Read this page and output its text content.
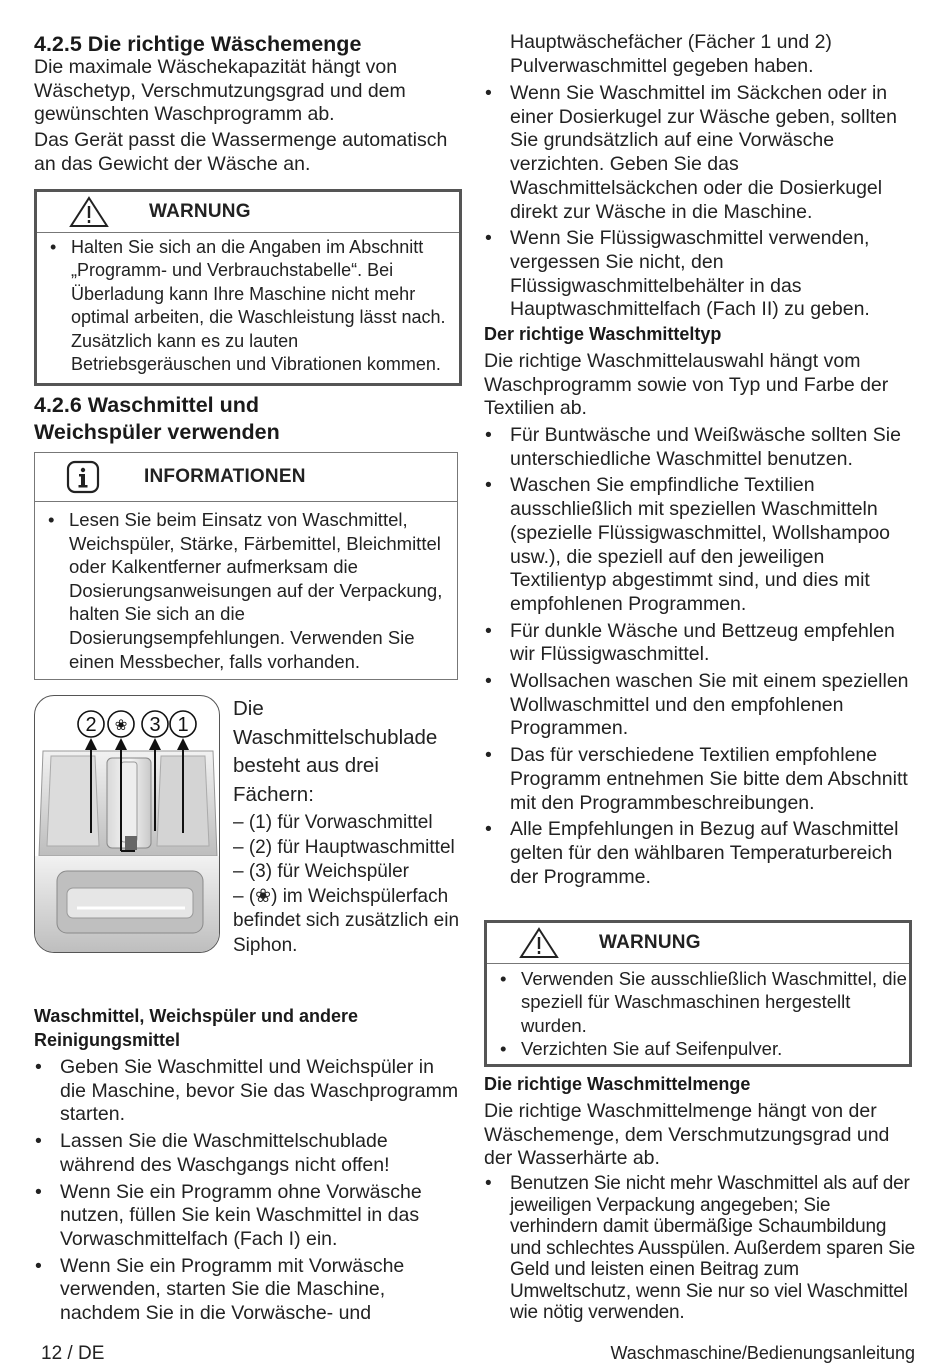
4.2.5 Die richtige Wäschemenge

Die maximale Wäschekapazität hängt von Wäschetyp, Verschmutzungsgrad und dem gewünschten Waschprogramm ab.

Das Gerät passt die Wassermenge automatisch an das Gewicht der Wäsche an.

WARNUNG
• Halten Sie sich an die Angaben im Abschnitt „Programm- und Verbrauchstabelle“. Bei Überladung kann Ihre Maschine nicht mehr optimal arbeiten, die Waschleistung lässt nach. Zusätzlich kann es zu lauten Betriebsgeräuschen und Vibrationen kommen.
4.2.6 Waschmittel und
Weichspüler verwenden
INFORMATIONEN
• Lesen Sie beim Einsatz von Waschmittel, Weichspüler, Stärke, Färbemittel, Bleichmittel oder Kalkentferner aufmerksam die Dosierungsanweisungen auf der Verpackung, halten Sie sich an die Dosierungsempfehlungen. Verwenden Sie einen Messbecher, falls vorhanden.
2 ❀ 3 1

Die Waschmittelschublade besteht aus drei Fächern:

– (1) für Vorwaschmittel

– (2) für Hauptwaschmittel

– (3) für Weichspüler

– (❀) im Weichspülerfach befindet sich zusätzlich ein Siphon.

Waschmittel, Weichspüler und andere Reinigungsmittel
• Geben Sie Waschmittel und Weichspüler in die Maschine, bevor Sie das Waschprogramm starten.
• Lassen Sie die Waschmittelschublade während des Waschgangs nicht offen!
• Wenn Sie ein Programm ohne Vorwäsche nutzen, füllen Sie kein Waschmittel in das Vorwaschmittelfach (Fach I) ein.
• Wenn Sie ein Programm mit Vorwäsche verwenden, starten Sie die Maschine, nachdem Sie in die Vorwäsche- und

Hauptwäschefächer (Fächer 1 und 2) Pulverwaschmittel gegeben haben.

• Wenn Sie Waschmittel im Säckchen oder in einer Dosierkugel zur Wäsche geben, sollten Sie grundsätzlich auf eine Vorwäsche verzichten. Geben Sie das Waschmittelsäckchen oder die Dosierkugel direkt zur Wäsche in die Maschine.
• Wenn Sie Flüssigwaschmittel verwenden, vergessen Sie nicht, den Flüssigwaschmittelbehälter in das Hauptwaschmittelfach (Fach II) zu geben.
Der richtige Waschmitteltyp

Die richtige Waschmittelauswahl hängt vom Waschprogramm sowie von Typ und Farbe der Textilien ab.

• Für Buntwäsche und Weißwäsche sollten Sie unterschiedliche Waschmittel benutzen.
• Waschen Sie empfindliche Textilien ausschließlich mit speziellen Waschmitteln (spezielle Flüssigwaschmittel, Wollshampoo usw.), die speziell auf den jeweiligen Textilientyp abgestimmt sind, und dies mit empfohlenen Programmen.
• Für dunkle Wäsche und Bettzeug empfehlen wir Flüssigwaschmittel.
• Wollsachen waschen Sie mit einem speziellen Wollwaschmittel und den empfohlenen Programmen.
• Das für verschiedene Textilien empfohlene Programm entnehmen Sie bitte dem Abschnitt mit den Programmbeschreibungen.
• Alle Empfehlungen in Bezug auf Waschmittel gelten für den wählbaren Temperaturbereich der Programme.
WARNUNG
• Verwenden Sie ausschließlich Waschmittel, die speziell für Waschmaschinen hergestellt wurden.
• Verzichten Sie auf Seifenpulver.
Die richtige Waschmittelmenge

Die richtige Waschmittelmenge hängt von der Wäschemenge, dem Verschmutzungsgrad und der Wasserhärte ab.

• Benutzen Sie nicht mehr Waschmittel als auf der jeweiligen Verpackung angegeben; Sie verhindern damit übermäßige Schaumbildung und schlechtes Ausspülen. Außerdem sparen Sie Geld und leisten einen Beitrag zum Umweltschutz, wenn Sie nur so viel Waschmittel wie nötig verwenden.
12 / DE	Waschmaschine/Bedienungsanleitung
